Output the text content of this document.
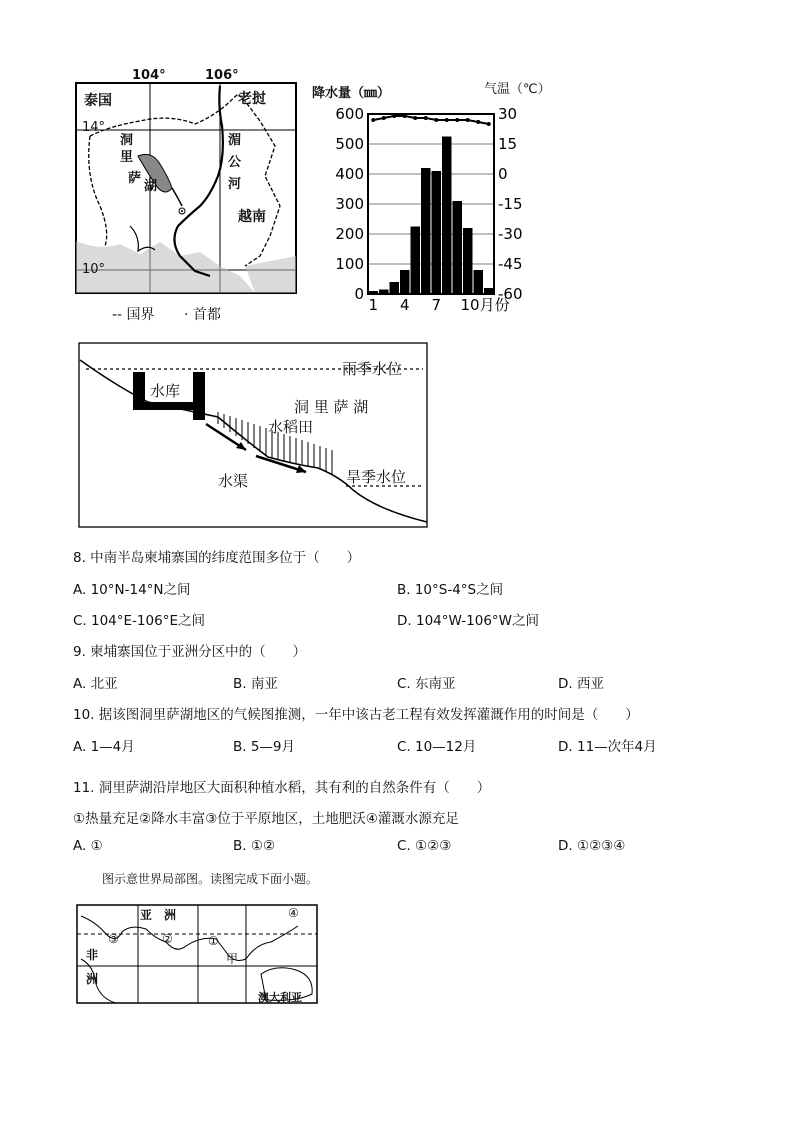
104°	106°
14°
10°
泰国	老挝
越南
洞
里
萨
湖
湄
公
河
-- 国界 · 首都
降水量（㎜）	气温（℃）
600
500
400
300
200
100
0
30
15
0
-15
-30
-45
-60
1 4 7 10月份
雨季水位
水库
洞 里 萨 湖
水稻田
水渠	旱季水位
8. 中南半岛柬埔寨国的纬度范围多位于（　　）
A. 10°N-14°N之间	B. 10°S-4°S之间
C. 104°E-106°E之间	D. 104°W-106°W之间
9. 柬埔寨国位于亚洲分区中的（　　）
A. 北亚	B. 南亚	C. 东南亚	D. 西亚
10. 据该图洞里萨湖地区的气候图推测，一年中该古老工程有效发挥灌溉作用的时间是（　　）
A. 1—4月	B. 5—9月	C. 10—12月	D. 11—次年4月
11. 洞里萨湖沿岸地区大面积种植水稻，其有利的自然条件有（　　）
①热量充足②降水丰富③位于平原地区，土地肥沃④灌溉水源充足
A. ①	B. ①②	C. ①②③	D. ①②③④
图示意世界局部图。读图完成下面小题。
亚　洲
非
洲
澳大利亚
甲
①
②
③
④
